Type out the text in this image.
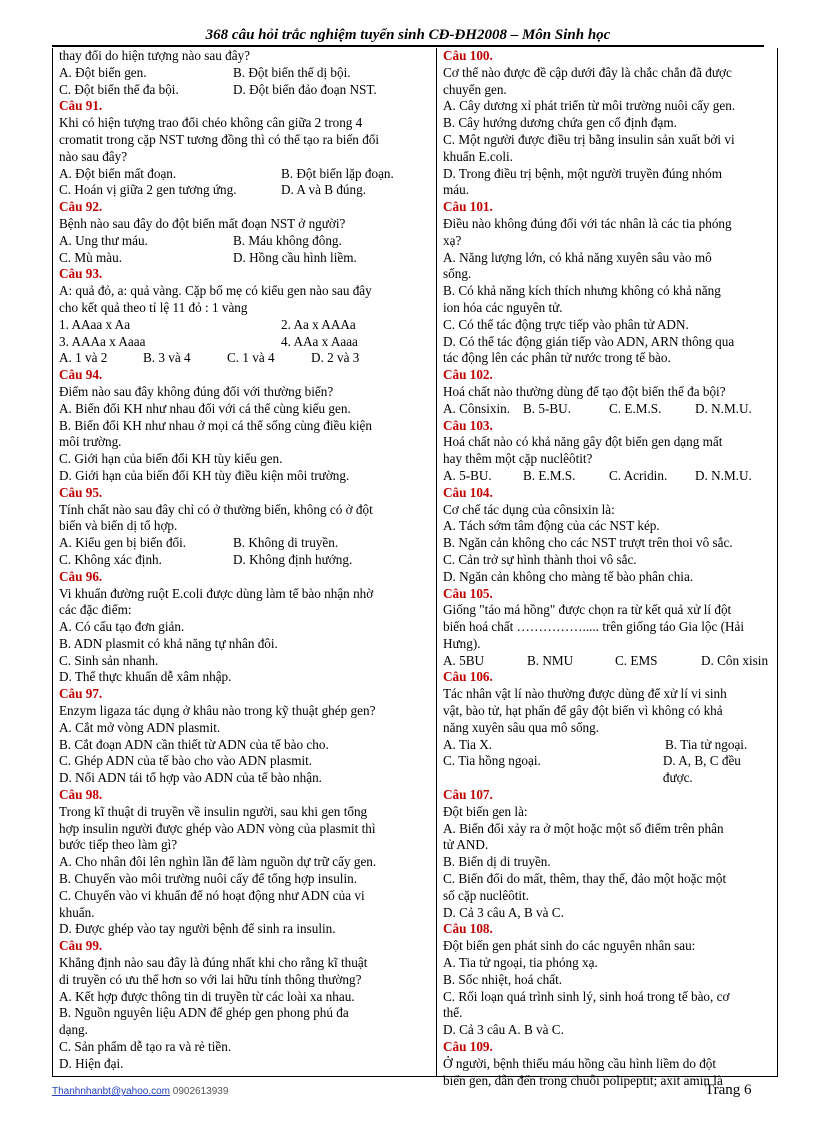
368 câu hỏi trắc nghiệm tuyển sinh CĐ-ĐH2008 – Môn Sinh học
thay đổi do hiện tượng nào sau đây?
A. Đột biến gen.	B. Đột biến thể dị bội.
C. Đột biến thể đa bội.	D. Đột biến đảo đoạn NST.
Câu 91.
Khi có hiện tượng trao đổi chéo không cân giữa 2 trong 4
cromatit trong cặp NST tương đồng thì có thể tạo ra biến đổi
nào sau đây?
A. Đột biến mất đoạn.	B. Đột biến lặp đoạn.
C. Hoán vị giữa 2 gen tương ứng.	D. A và B đúng.
Câu 92.
Bệnh nào sau đây do đột biến mất đoạn NST ở người?
A. Ung thư máu.	B. Máu không đông.
C. Mù màu.	D. Hồng cầu hình liềm.
Câu 93.
A: quả đỏ, a: quả vàng. Cặp bố mẹ có kiểu gen nào sau đây
cho kết quả theo tỉ lệ 11 đỏ : 1 vàng
1. AAaa x Aa	2. Aa x AAAa
3. AAAa x Aaaa	4. AAa x Aaaa
A. 1 và 2	B. 3 và 4	C. 1 và 4	D. 2 và 3
Câu 94.
Điểm nào sau đây không đúng đối với thường biến?
A. Biến đổi KH như nhau đối với cá thể cùng kiểu gen.
B. Biến đổi KH như nhau ở mọi cá thể sống cùng điều kiện
môi trường.
C. Giới hạn của biến đổi KH tùy kiểu gen.
D. Giới hạn của biến đổi KH tùy điều kiện môi trường.
Câu 95.
Tính chất nào sau đây chỉ có ở thường biến, không có ở đột
biến và biến dị tổ hợp.
A. Kiểu gen bị biến đổi.	B. Không di truyền.
C. Không xác định.	D. Không định hướng.
Câu 96.
Vi khuẩn đường ruột E.coli được dùng làm tế bào nhận nhờ
các đặc điểm:
A. Có cấu tạo đơn giản.
B. ADN plasmit có khả năng tự nhân đôi.
C. Sinh sản nhanh.
D. Thể thực khuẩn dễ xâm nhập.
Câu 97.
Enzym ligaza tác dụng ở khâu nào trong kỹ thuật ghép gen?
A. Cắt mở vòng ADN plasmit.
B. Cắt đoạn ADN cần thiết từ ADN của tế bào cho.
C. Ghép ADN của tế bào cho vào ADN plasmit.
D. Nối ADN tái tổ hợp vào ADN của tế bào nhận.
Câu 98.
Trong kĩ thuật di truyền về insulin người, sau khi gen tổng
hợp insulin người được ghép vào ADN vòng của plasmit thì
bước tiếp theo làm gì?
A. Cho nhân đôi lên nghìn lần để làm nguồn dự trữ cấy gen.
B. Chuyển vào môi trường nuôi cấy để tổng hợp insulin.
C. Chuyển vào vi khuẩn để nó hoạt động như ADN của vi
khuẩn.
D. Được ghép vào tay người bệnh để sinh ra insulin.
Câu 99.
Khẳng định nào sau đây là đúng nhất khi cho rằng kĩ thuật
di truyền có ưu thế hơn so với lai hữu tính thông thường?
A. Kết hợp được thông tin di truyền từ các loài xa nhau.
B. Nguồn nguyên liệu ADN để ghép gen phong phú đa
dạng.
C. Sản phẩm dễ tạo ra và rẻ tiền.
D. Hiện đại.
Câu 100.
Cơ thể nào được đề cập dưới đây là chắc chắn đã được
chuyển gen.
A. Cây dương xỉ phát triển từ môi trường nuôi cấy gen.
B. Cây hướng dương chứa gen cố định đạm.
C. Một người được điều trị bằng insulin sản xuất bởi vi
khuẩn E.coli.
D. Trong điều trị bệnh, một người truyền đúng nhóm
máu.
Câu 101.
Điều nào không đúng đối với tác nhân là các tia phóng
xạ?
A. Năng lượng lớn, có khả năng xuyên sâu vào mô
sống.
B. Có khả năng kích thích nhưng không có khả năng
ion hóa các nguyên tử.
C. Có thể tác động trực tiếp vào phân tử ADN.
D. Có thể tác động gián tiếp vào ADN, ARN thông qua
tác động lên các phân tử nước trong tế bào.
Câu 102.
Hoá chất nào thường dùng để tạo đột biến thể đa bội?
A. Cônsixin. B. 5-BU.	C. E.M.S.	D. N.M.U.
Câu 103.
Hoá chất nào có khả năng gây đột biến gen dạng mất
hay thêm một cặp nuclêôtit?
A. 5-BU.	B. E.M.S.	C. Acridin.	D. N.M.U.
Câu 104.
Cơ chế tác dụng của cônsixin là:
A. Tách sớm tâm động của các NST kép.
B. Ngăn cản không cho các NST trượt trên thoi vô sắc.
C. Cản trở sự hình thành thoi vô sắc.
D. Ngăn cản không cho màng tế bào phân chia.
Câu 105.
Giống "táo má hồng" được chọn ra từ kết quả xử lí đột
biến hoá chất ……………..... trên giống táo Gia lộc (Hải
Hưng).
A. 5BU	B. NMU	C. EMS	D. Côn xisin
Câu 106.
Tác nhân vật lí nào thường được dùng để xử lí vi sinh
vật, bào tử, hạt phấn để gây đột biến vì không có khả
năng xuyên sâu qua mô sống.
A. Tia X.	B. Tia tử ngoại.
C. Tia hồng ngoại.	D. A, B, C đều được.
Câu 107.
Đột biến gen là:
A. Biến đổi xảy ra ở một hoặc một số điểm trên phân
tử AND.
B. Biến dị di truyền.
C. Biến đổi do mất, thêm, thay thế, đảo một hoặc một
số cặp nuclêôtit.
D. Cả 3 câu A, B và C.
Câu 108.
Đột biến gen phát sinh do các nguyên nhân sau:
A. Tia tử ngoại, tia phóng xạ.
B. Sốc nhiệt, hoá chất.
C. Rối loạn quá trình sinh lý, sinh hoá trong tế bào, cơ
thể.
D. Cả 3 câu A. B và C.
Câu 109.
Ở người, bệnh thiếu máu hồng cầu hình liềm do đột
biến gen, dẫn đến trong chuỗi polipeptit; axit amin là
Thanhnhanbt@yahoo.com 0902613939	Trang 6
